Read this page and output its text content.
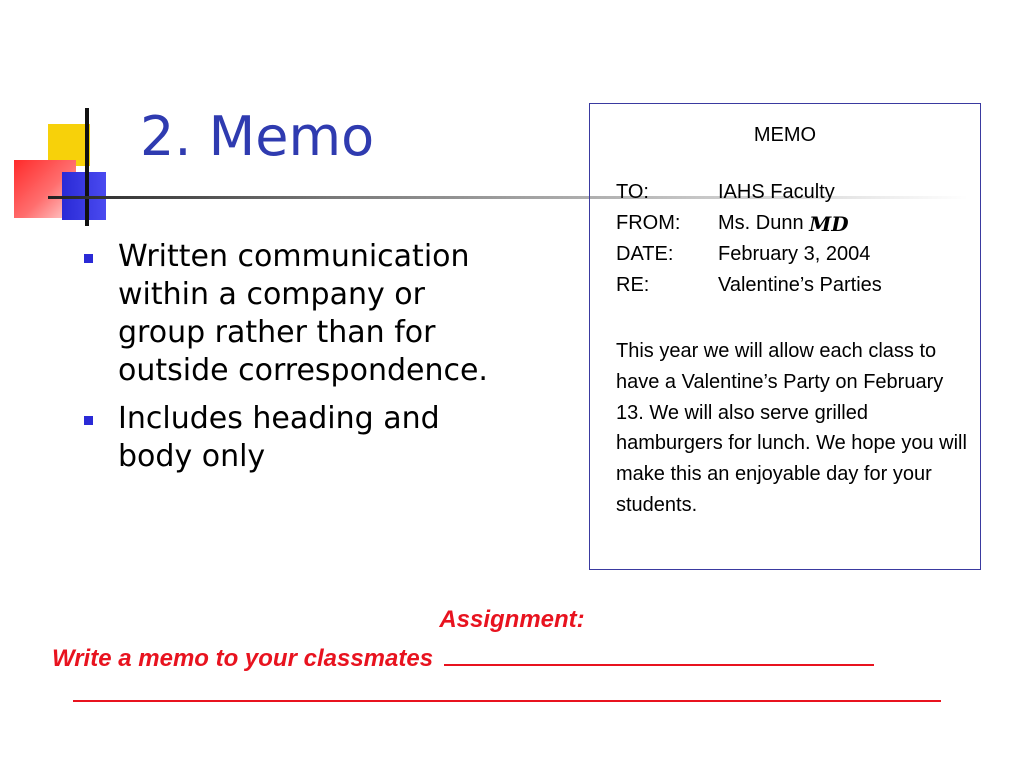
2. Memo
Written communication within a company or group rather than for outside correspondence.
Includes heading and body only
MEMO
TO:	IAHS Faculty
FROM:	Ms. Dunn
MD
DATE:	February 3, 2004
RE:	Valentine’s Parties
This year we will allow each class to have a Valentine’s Party on February 13. We will also serve grilled hamburgers for lunch. We hope you will make this an enjoyable day for your students.

Assignment:

Write a memo to your classmates
